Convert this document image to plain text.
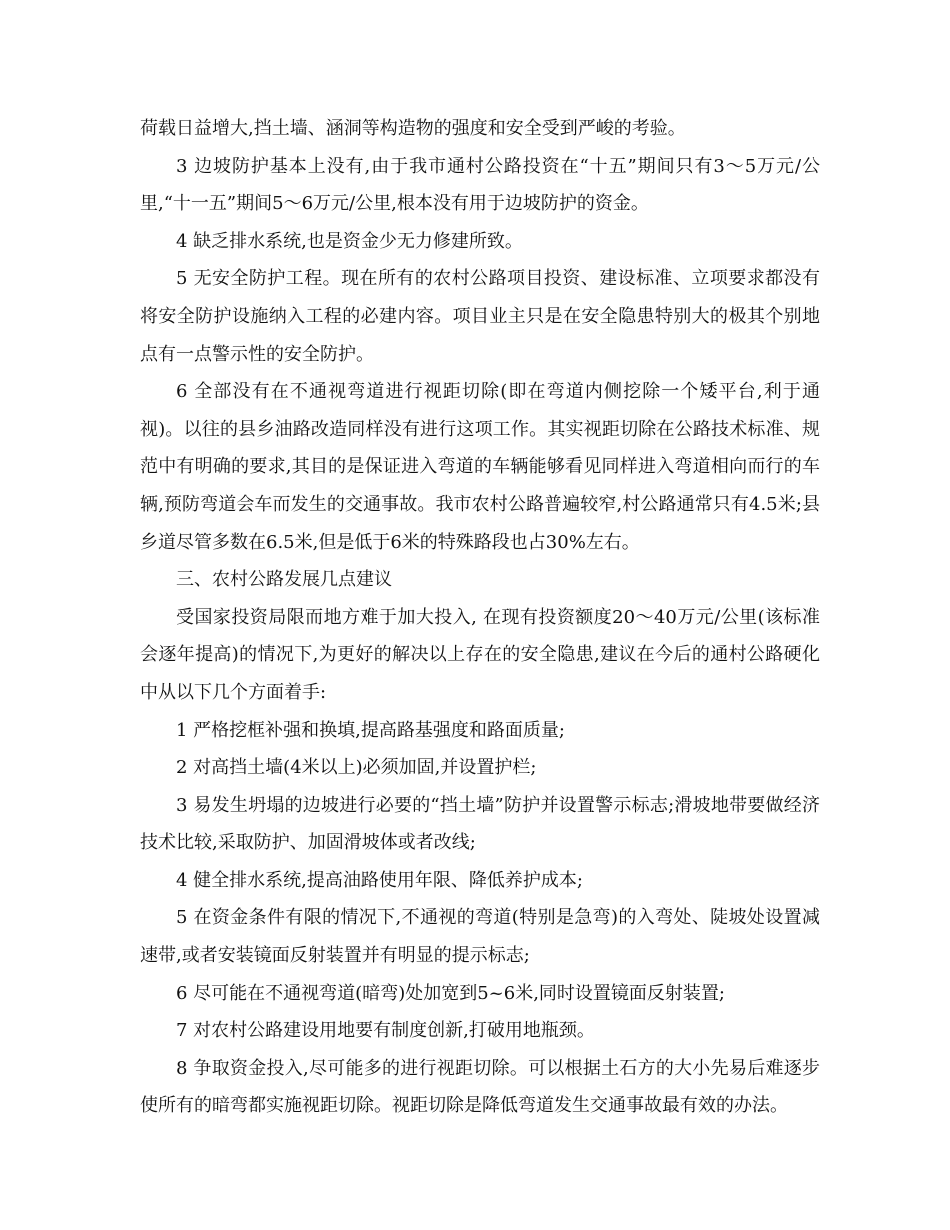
荷载日益增大,挡土墙、涵洞等构造物的强度和安全受到严峻的考验。

3 边坡防护基本上没有,由于我市通村公路投资在“十五”期间只有3～5万元/公里,“十一五”期间5～6万元/公里,根本没有用于边坡防护的资金。

4 缺乏排水系统,也是资金少无力修建所致。

5 无安全防护工程。现在所有的农村公路项目投资、建设标准、立项要求都没有将安全防护设施纳入工程的必建内容。项目业主只是在安全隐患特别大的极其个别地点有一点警示性的安全防护。

6 全部没有在不通视弯道进行视距切除(即在弯道内侧挖除一个矮平台,利于通视)。以往的县乡油路改造同样没有进行这项工作。其实视距切除在公路技术标准、规范中有明确的要求,其目的是保证进入弯道的车辆能够看见同样进入弯道相向而行的车辆,预防弯道会车而发生的交通事故。我市农村公路普遍较窄,村公路通常只有4.5米;县乡道尽管多数在6.5米,但是低于6米的特殊路段也占30%左右。

三、农村公路发展几点建议

受国家投资局限而地方难于加大投入, 在现有投资额度20～40万元/公里(该标准会逐年提高)的情况下,为更好的解决以上存在的安全隐患,建议在今后的通村公路硬化中从以下几个方面着手:

1 严格挖框补强和换填,提高路基强度和路面质量;

2 对高挡土墙(4米以上)必须加固,并设置护栏;

3 易发生坍塌的边坡进行必要的“挡土墙”防护并设置警示标志;滑坡地带要做经济技术比较,采取防护、加固滑坡体或者改线;

4 健全排水系统,提高油路使用年限、降低养护成本;

5 在资金条件有限的情况下,不通视的弯道(特别是急弯)的入弯处、陡坡处设置减速带,或者安装镜面反射装置并有明显的提示标志;

6 尽可能在不通视弯道(暗弯)处加宽到5~6米,同时设置镜面反射装置;

7 对农村公路建设用地要有制度创新,打破用地瓶颈。

8 争取资金投入,尽可能多的进行视距切除。可以根据土石方的大小先易后难逐步使所有的暗弯都实施视距切除。视距切除是降低弯道发生交通事故最有效的办法。
